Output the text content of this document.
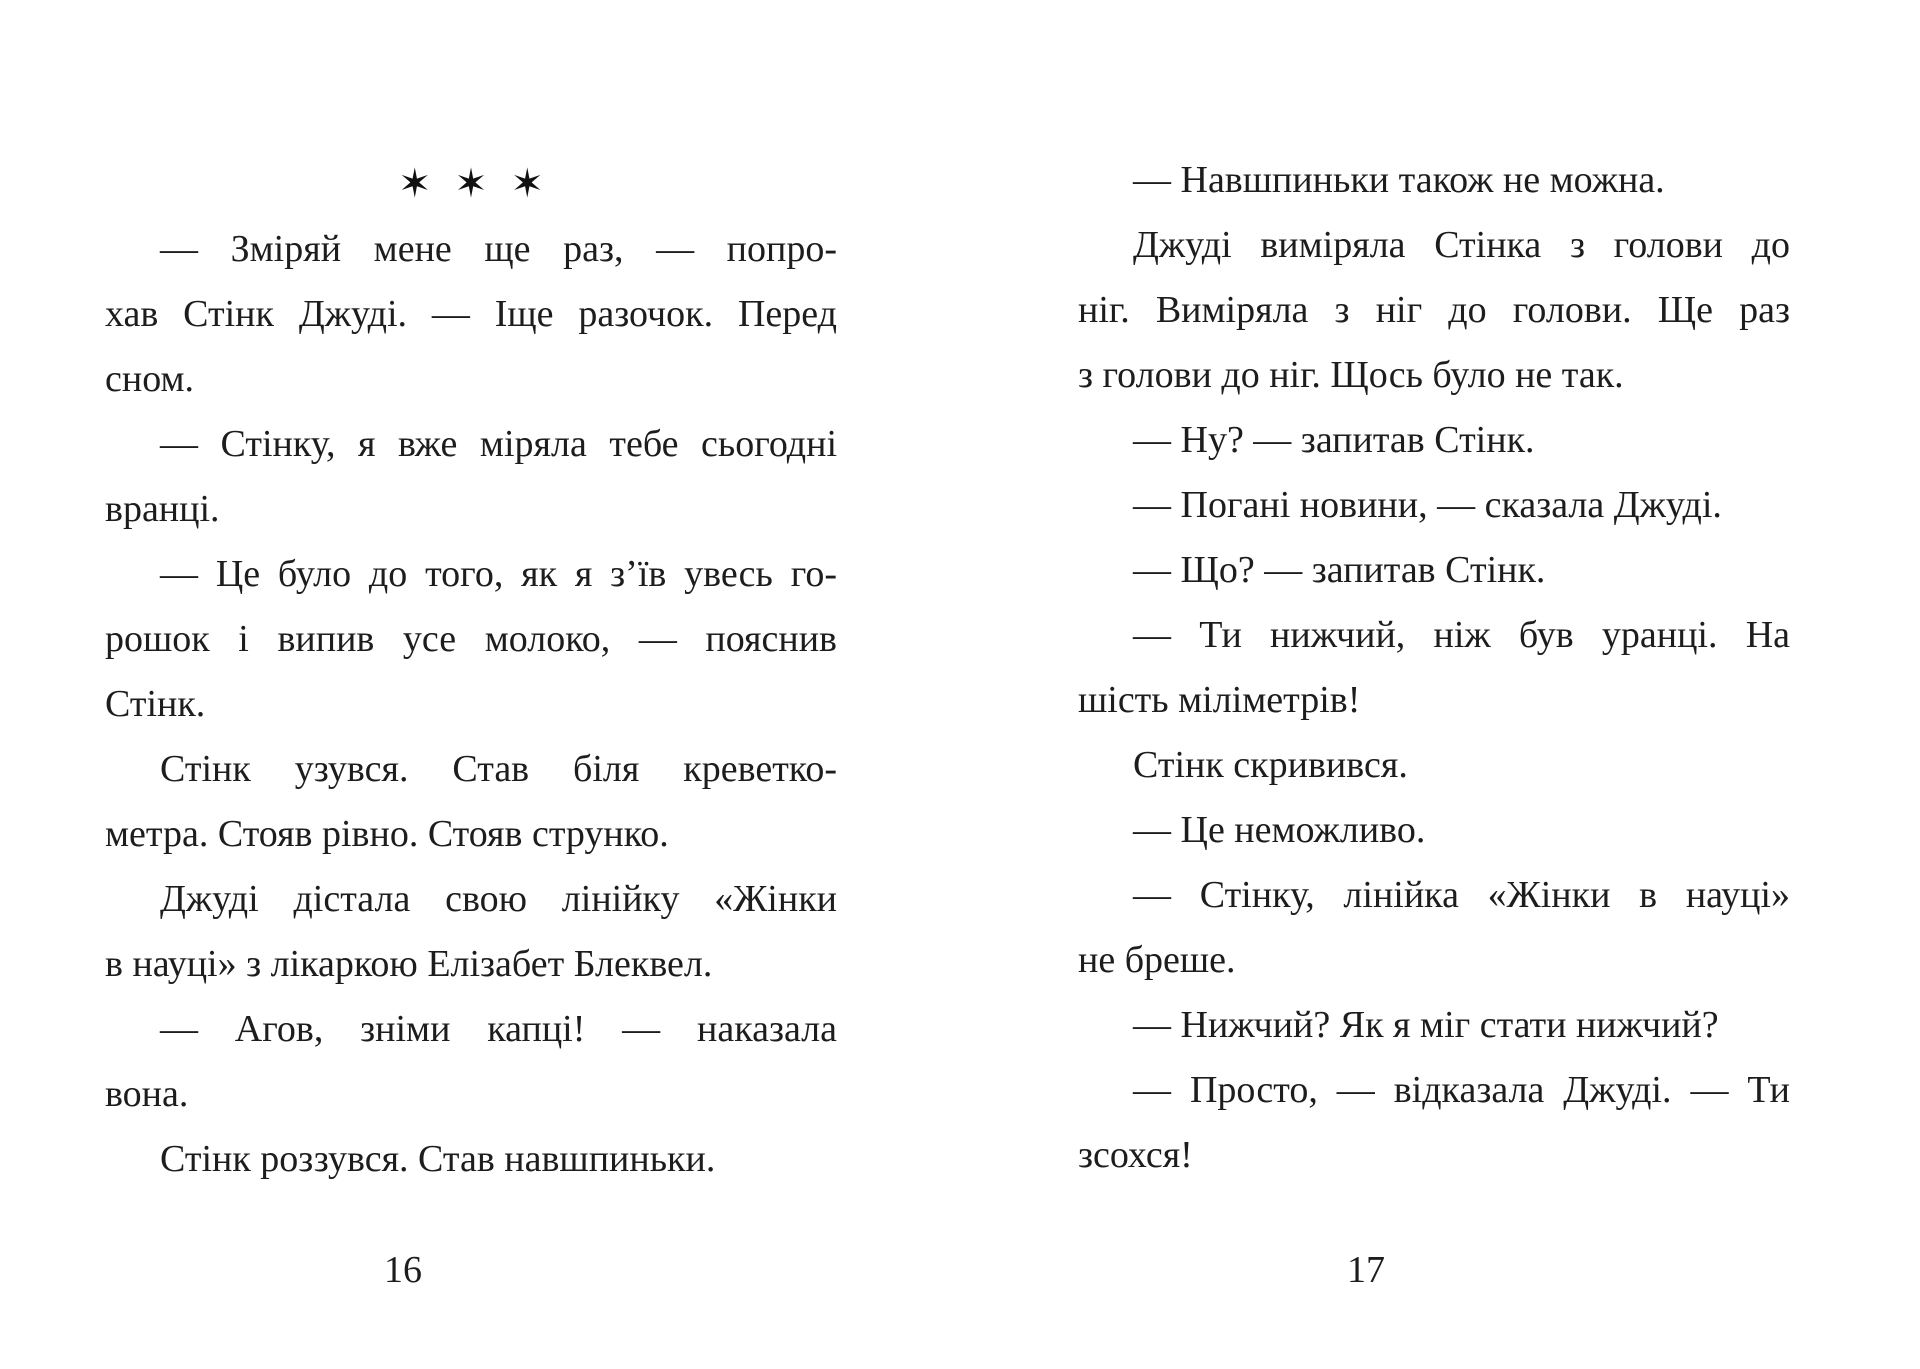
✶ ✶ ✶
— Зміряй мене ще раз, — попро-
хав Стінк Джуді. — Іще разочок. Перед
сном.
— Стінку, я вже міряла тебе сьогодні
вранці.
— Це було до того, як я з’їв увесь го-
рошок і випив усе молоко, — пояснив
Стінк.
Стінк узувся. Став біля креветко-
метра. Стояв рівно. Стояв струнко.
Джуді дістала свою лінійку «Жінки
в науці» з лікаркою Елізабет Блеквел.
— Агов, зніми капці! — наказала
вона.
Стінк роззувся. Став навшпиньки.
— Навшпиньки також не можна.
Джуді виміряла Стінка з голови до
ніг. Виміряла з ніг до голови. Ще раз
з голови до ніг. Щось було не так.
— Ну? — запитав Стінк.
— Погані новини, — сказала Джуді.
— Що? — запитав Стінк.
— Ти нижчий, ніж був уранці. На
шість міліметрів!
Стінк скривився.
— Це неможливо.
— Стінку, лінійка «Жінки в науці»
не бреше.
— Нижчий? Як я міг стати нижчий?
— Просто, — відказала Джуді. — Ти
зсохся!
16	17
